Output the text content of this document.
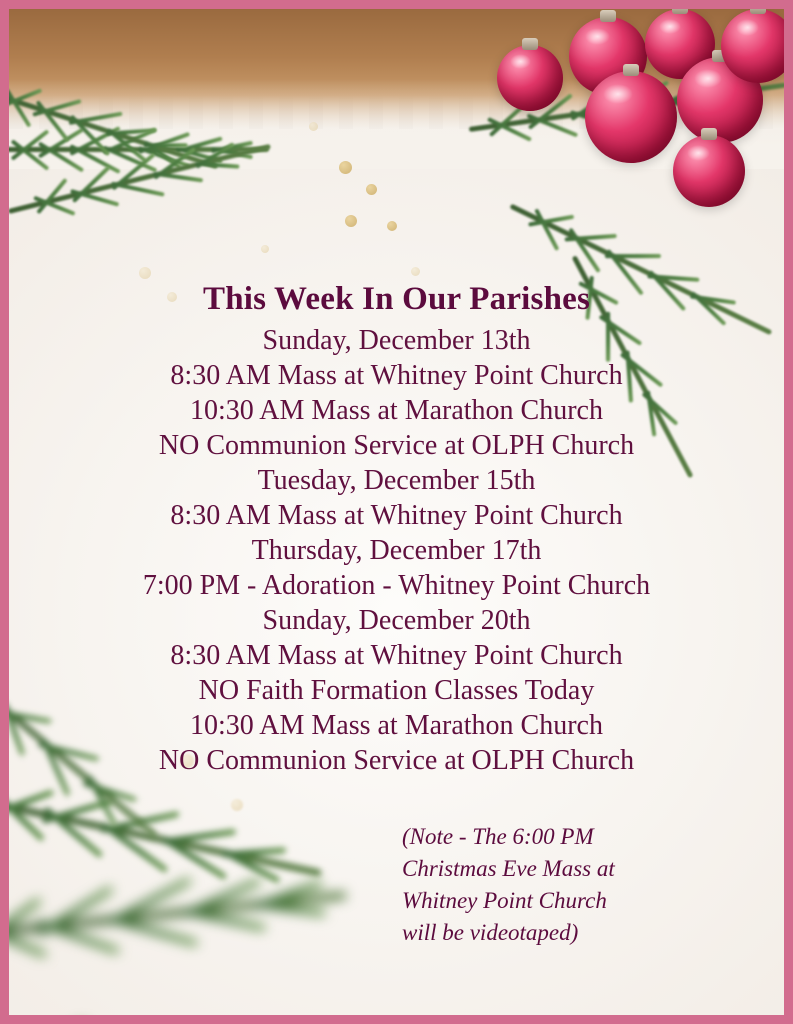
This Week In Our Parishes
Sunday, December 13th
8:30 AM Mass at Whitney Point Church
10:30 AM Mass at Marathon Church
NO Communion Service at OLPH Church
Tuesday, December 15th
8:30 AM Mass at Whitney Point Church
Thursday, December 17th
7:00 PM - Adoration - Whitney Point Church
Sunday, December 20th
8:30 AM Mass at Whitney Point Church
NO Faith Formation Classes Today
10:30 AM Mass at Marathon Church
NO Communion Service at OLPH Church
(Note - The 6:00 PM
Christmas Eve Mass at
Whitney Point Church
will be videotaped)
